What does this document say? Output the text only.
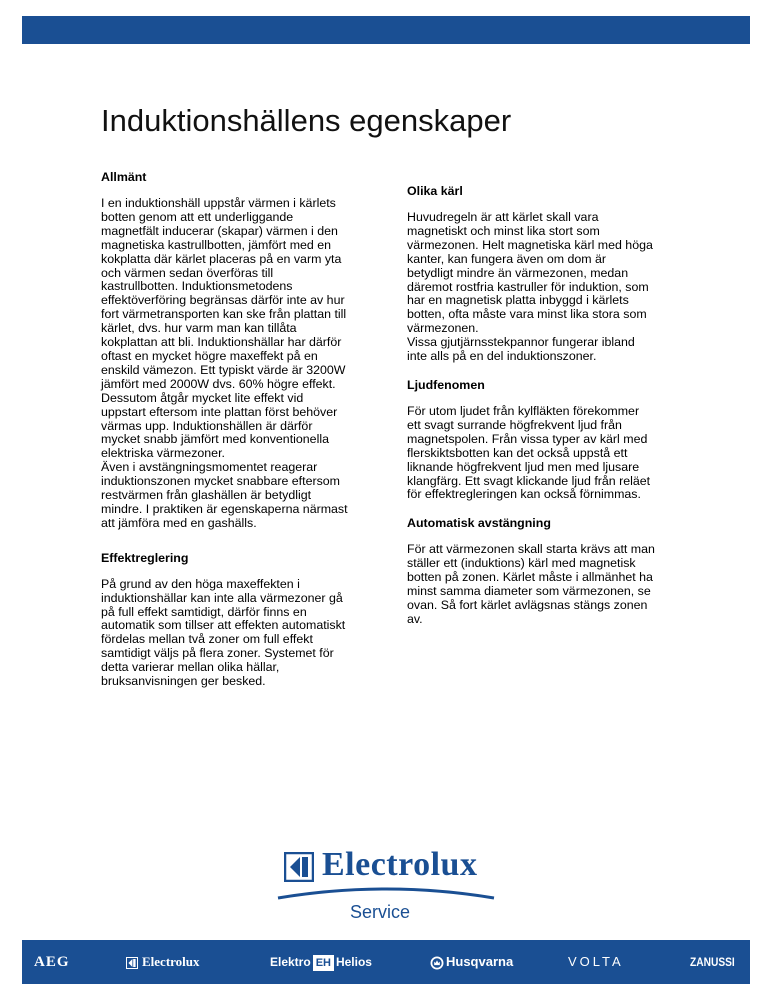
Induktionshällens egenskaper
Allmänt

I en induktionshäll uppstår värmen i kärlets
botten genom att ett underliggande
magnetfält inducerar (skapar) värmen i den
magnetiska kastrullbotten, jämfört med en
kokplatta där kärlet placeras på en varm yta
och värmen sedan överföras till
kastrullbotten. Induktionsmetodens
effektöverföring begränsas därför inte av hur
fort värmetransporten kan ske från plattan till
kärlet, dvs. hur varm man kan tillåta
kokplattan att bli. Induktionshällar har därför
oftast en mycket högre maxeffekt på en
enskild vämezon. Ett typiskt värde är 3200W
jämfört med 2000W dvs. 60% högre effekt.
Dessutom åtgår mycket lite effekt vid
uppstart eftersom inte plattan först behöver
värmas upp. Induktionshällen är därför
mycket snabb jämfört med konventionella
elektriska värmezoner.
Även i avstängningsmomentet reagerar
induktionszonen mycket snabbare eftersom
restvärmen från glashällen är betydligt
mindre. I praktiken är egenskaperna närmast
att jämföra med en gashälls.

Effektreglering

På grund av den höga maxeffekten i
induktionshällar kan inte alla värmezoner gå
på full effekt samtidigt, därför finns en
automatik som tillser att effekten automatiskt
fördelas mellan två zoner om full effekt
samtidigt väljs på flera zoner. Systemet för
detta varierar mellan olika hällar,
bruksanvisningen ger besked.

Olika kärl

Huvudregeln är att kärlet skall vara
magnetiskt och minst lika stort som
värmezonen. Helt magnetiska kärl med höga
kanter, kan fungera även om dom är
betydligt mindre än värmezonen, medan
däremot rostfria kastruller för induktion, som
har en magnetisk platta inbyggd i kärlets
botten, ofta måste vara minst lika stora som
värmezonen.
Vissa gjutjärnsstekpannor fungerar ibland
inte alls på en del induktionszoner.

Ljudfenomen

För utom ljudet från kylfläkten förekommer
ett svagt surrande högfrekvent ljud från
magnetspolen. Från vissa typer av kärl med
flerskiktsbotten kan det också uppstå ett
liknande högfrekvent ljud men med ljusare
klangfärg. Ett svagt klickande ljud från reläet
för effektregleringen kan också förnimmas.

Automatisk avstängning

För att värmezonen skall starta krävs att man
ställer ett (induktions) kärl med magnetisk
botten på zonen. Kärlet måste i allmänhet ha
minst samma diameter som värmezonen, se
ovan. Så fort kärlet avlägsnas stängs zonen
av.

Electrolux
Service
AEG	Electrolux	Elektro EH Helios	Husqvarna	VOLTA	ZANUSSI
